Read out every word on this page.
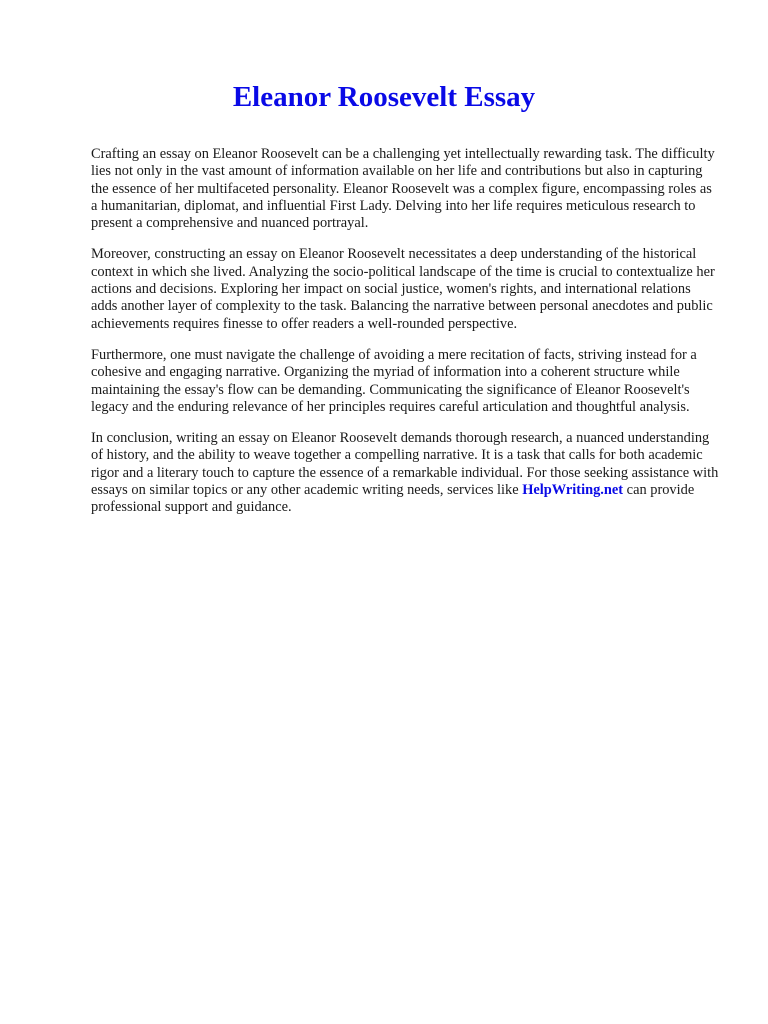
Eleanor Roosevelt Essay

Crafting an essay on Eleanor Roosevelt can be a challenging yet intellectually rewarding task. The difficulty lies not only in the vast amount of information available on her life and contributions but also in capturing the essence of her multifaceted personality. Eleanor Roosevelt was a complex figure, encompassing roles as a humanitarian, diplomat, and influential First Lady. Delving into her life requires meticulous research to present a comprehensive and nuanced portrayal.

Moreover, constructing an essay on Eleanor Roosevelt necessitates a deep understanding of the historical context in which she lived. Analyzing the socio-political landscape of the time is crucial to contextualize her actions and decisions. Exploring her impact on social justice, women's rights, and international relations adds another layer of complexity to the task. Balancing the narrative between personal anecdotes and public achievements requires finesse to offer readers a well-rounded perspective.

Furthermore, one must navigate the challenge of avoiding a mere recitation of facts, striving instead for a cohesive and engaging narrative. Organizing the myriad of information into a coherent structure while maintaining the essay's flow can be demanding. Communicating the significance of Eleanor Roosevelt's legacy and the enduring relevance of her principles requires careful articulation and thoughtful analysis.

In conclusion, writing an essay on Eleanor Roosevelt demands thorough research, a nuanced understanding of history, and the ability to weave together a compelling narrative. It is a task that calls for both academic rigor and a literary touch to capture the essence of a remarkable individual. For those seeking assistance with essays on similar topics or any other academic writing needs, services like HelpWriting.net can provide professional support and guidance.
